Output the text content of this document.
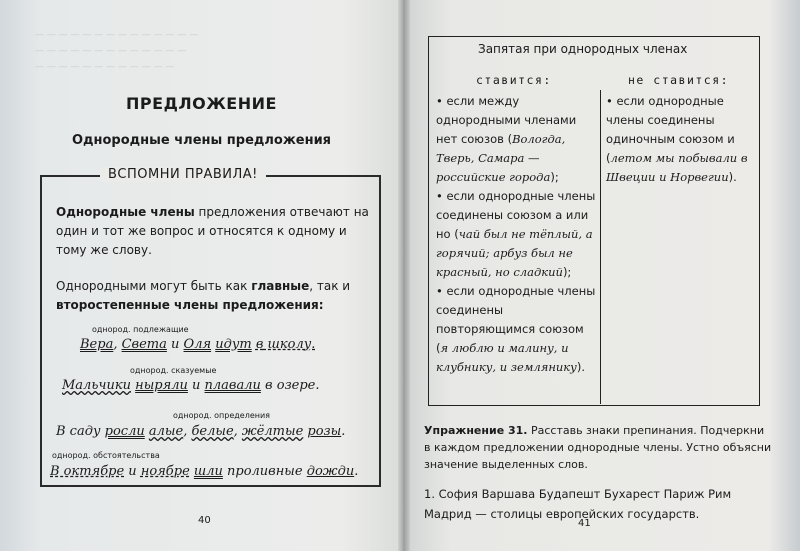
— — — — — — — — — — — — — —
— — — — — — — — — — — — —
— — — — — — — — — — — —
ПРЕДЛОЖЕНИЕ
Однородные члены предложения
ВСПОМНИ ПРАВИЛА!
Однородные члены предложения отвечают на один и тот же вопрос и относятся к одному и тому же слову.
Однородными могут быть как главные, так и второстепенные члены предложения:
однород. подлежащие
Вера, Света и Оля идут в школу.
однород. сказуемые
Мальчики ныряли и плавали в озере.
однород. определения
В саду росли алые, белые, жёлтые розы.
однород. обстоятельства
В октябре и ноябре шли проливные дожди.
40
Запятая при однородных членах
ставится:	не ставится:
• если между однородными членами нет союзов (Вологда, Тверь, Самара — российские города);
• если однородные члены соединены союзом а или но (чай был не тёплый, а горячий; арбуз был не красный, но сладкий);
• если однородные члены соединены повторяющимся союзом (я люблю и малину, и клубнику, и землянику).
• если однородные члены соединены одиночным союзом и (летом мы побывали в Швеции и Норвегии).
Упражнение 31. Расставь знаки препинания. Подчеркни в каждом предложении однородные члены. Устно объясни значение выделенных слов.
1. София Варшава Будапешт Бухарест Париж Рим Мадрид — столицы европейских государств.
41
